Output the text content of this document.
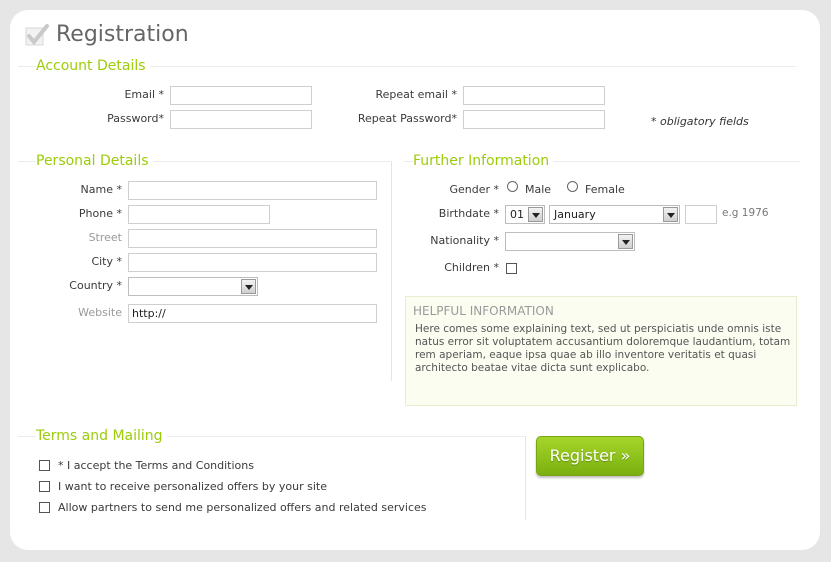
Registration
Account Details
Email *	Repeat email *
Password*	Repeat Password*	* obligatory fields
Personal Details
Name *
Phone *
Street
City *
Country *
Website
http://
Further Information
Gender * Male	Female
Birthdate * 01	January	e.g 1976
Nationality *
Children *
HELPFUL INFORMATION
Here comes some explaining text, sed ut perspiciatis unde omnis iste natus error sit voluptatem accusantium doloremque laudantium, totam rem aperiam, eaque ipsa quae ab illo inventore veritatis et quasi architecto beatae vitae dicta sunt explicabo.
Terms and Mailing
* I accept the Terms and Conditions
I want to receive personalized offers by your site
Allow partners to send me personalized offers and related services
Register »
